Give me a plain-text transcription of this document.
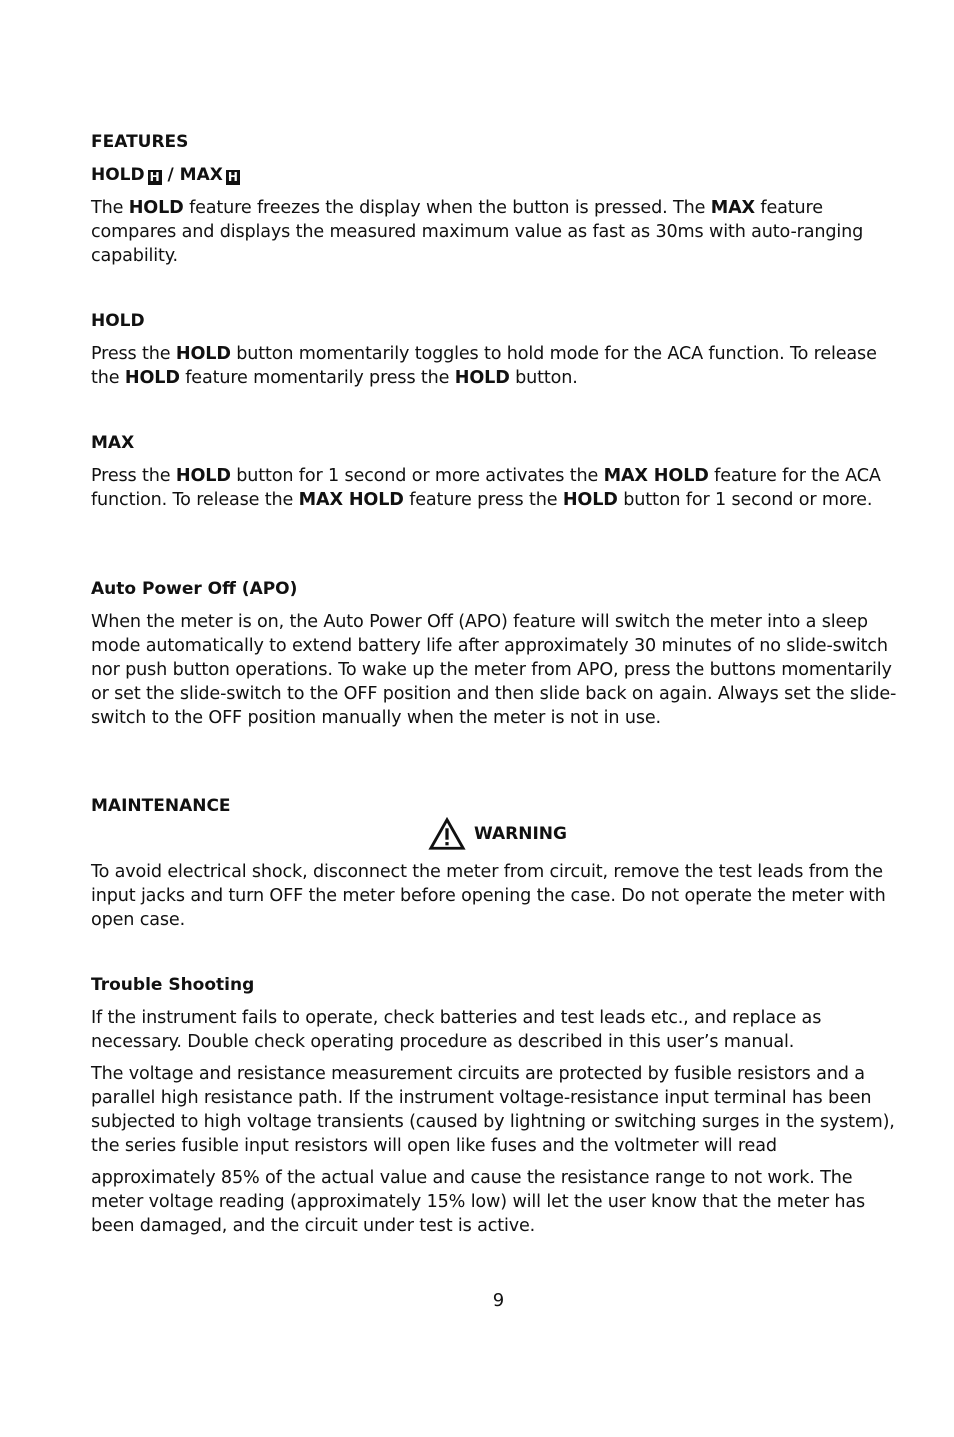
FEATURES
HOLD H / MAX H
The HOLD feature freezes the display when the button is pressed. The MAX feature compares and displays the measured maximum value as fast as 30ms with auto-ranging capability.
HOLD
Press the HOLD button momentarily toggles to hold mode for the ACA function. To release the HOLD feature momentarily press the HOLD button.
MAX
Press the HOLD button for 1 second or more activates the MAX HOLD feature for the ACA function. To release the MAX HOLD feature press the HOLD button for 1 second or more.
Auto Power Off (APO)
When the meter is on, the Auto Power Off (APO) feature will switch the meter into a sleep mode automatically to extend battery life after approximately 30 minutes of no slide-switch nor push button operations. To wake up the meter from APO, press the buttons momentarily or set the slide-switch to the OFF position and then slide back on again. Always set the slide-switch to the OFF position manually when the meter is not in use.
MAINTENANCE
WARNING
To avoid electrical shock, disconnect the meter from circuit, remove the test leads from the input jacks and turn OFF the meter before opening the case. Do not operate the meter with open case.
Trouble Shooting
If the instrument fails to operate, check batteries and test leads etc., and replace as necessary. Double check operating procedure as described in this user’s manual.
The voltage and resistance measurement circuits are protected by fusible resistors and a parallel high resistance path. If the instrument voltage-resistance input terminal has been subjected to high voltage transients (caused by lightning or switching surges in the system), the series fusible input resistors will open like fuses and the voltmeter will read
approximately 85% of the actual value and cause the resistance range to not work. The meter voltage reading (approximately 15% low) will let the user know that the meter has been damaged, and the circuit under test is active.
9
